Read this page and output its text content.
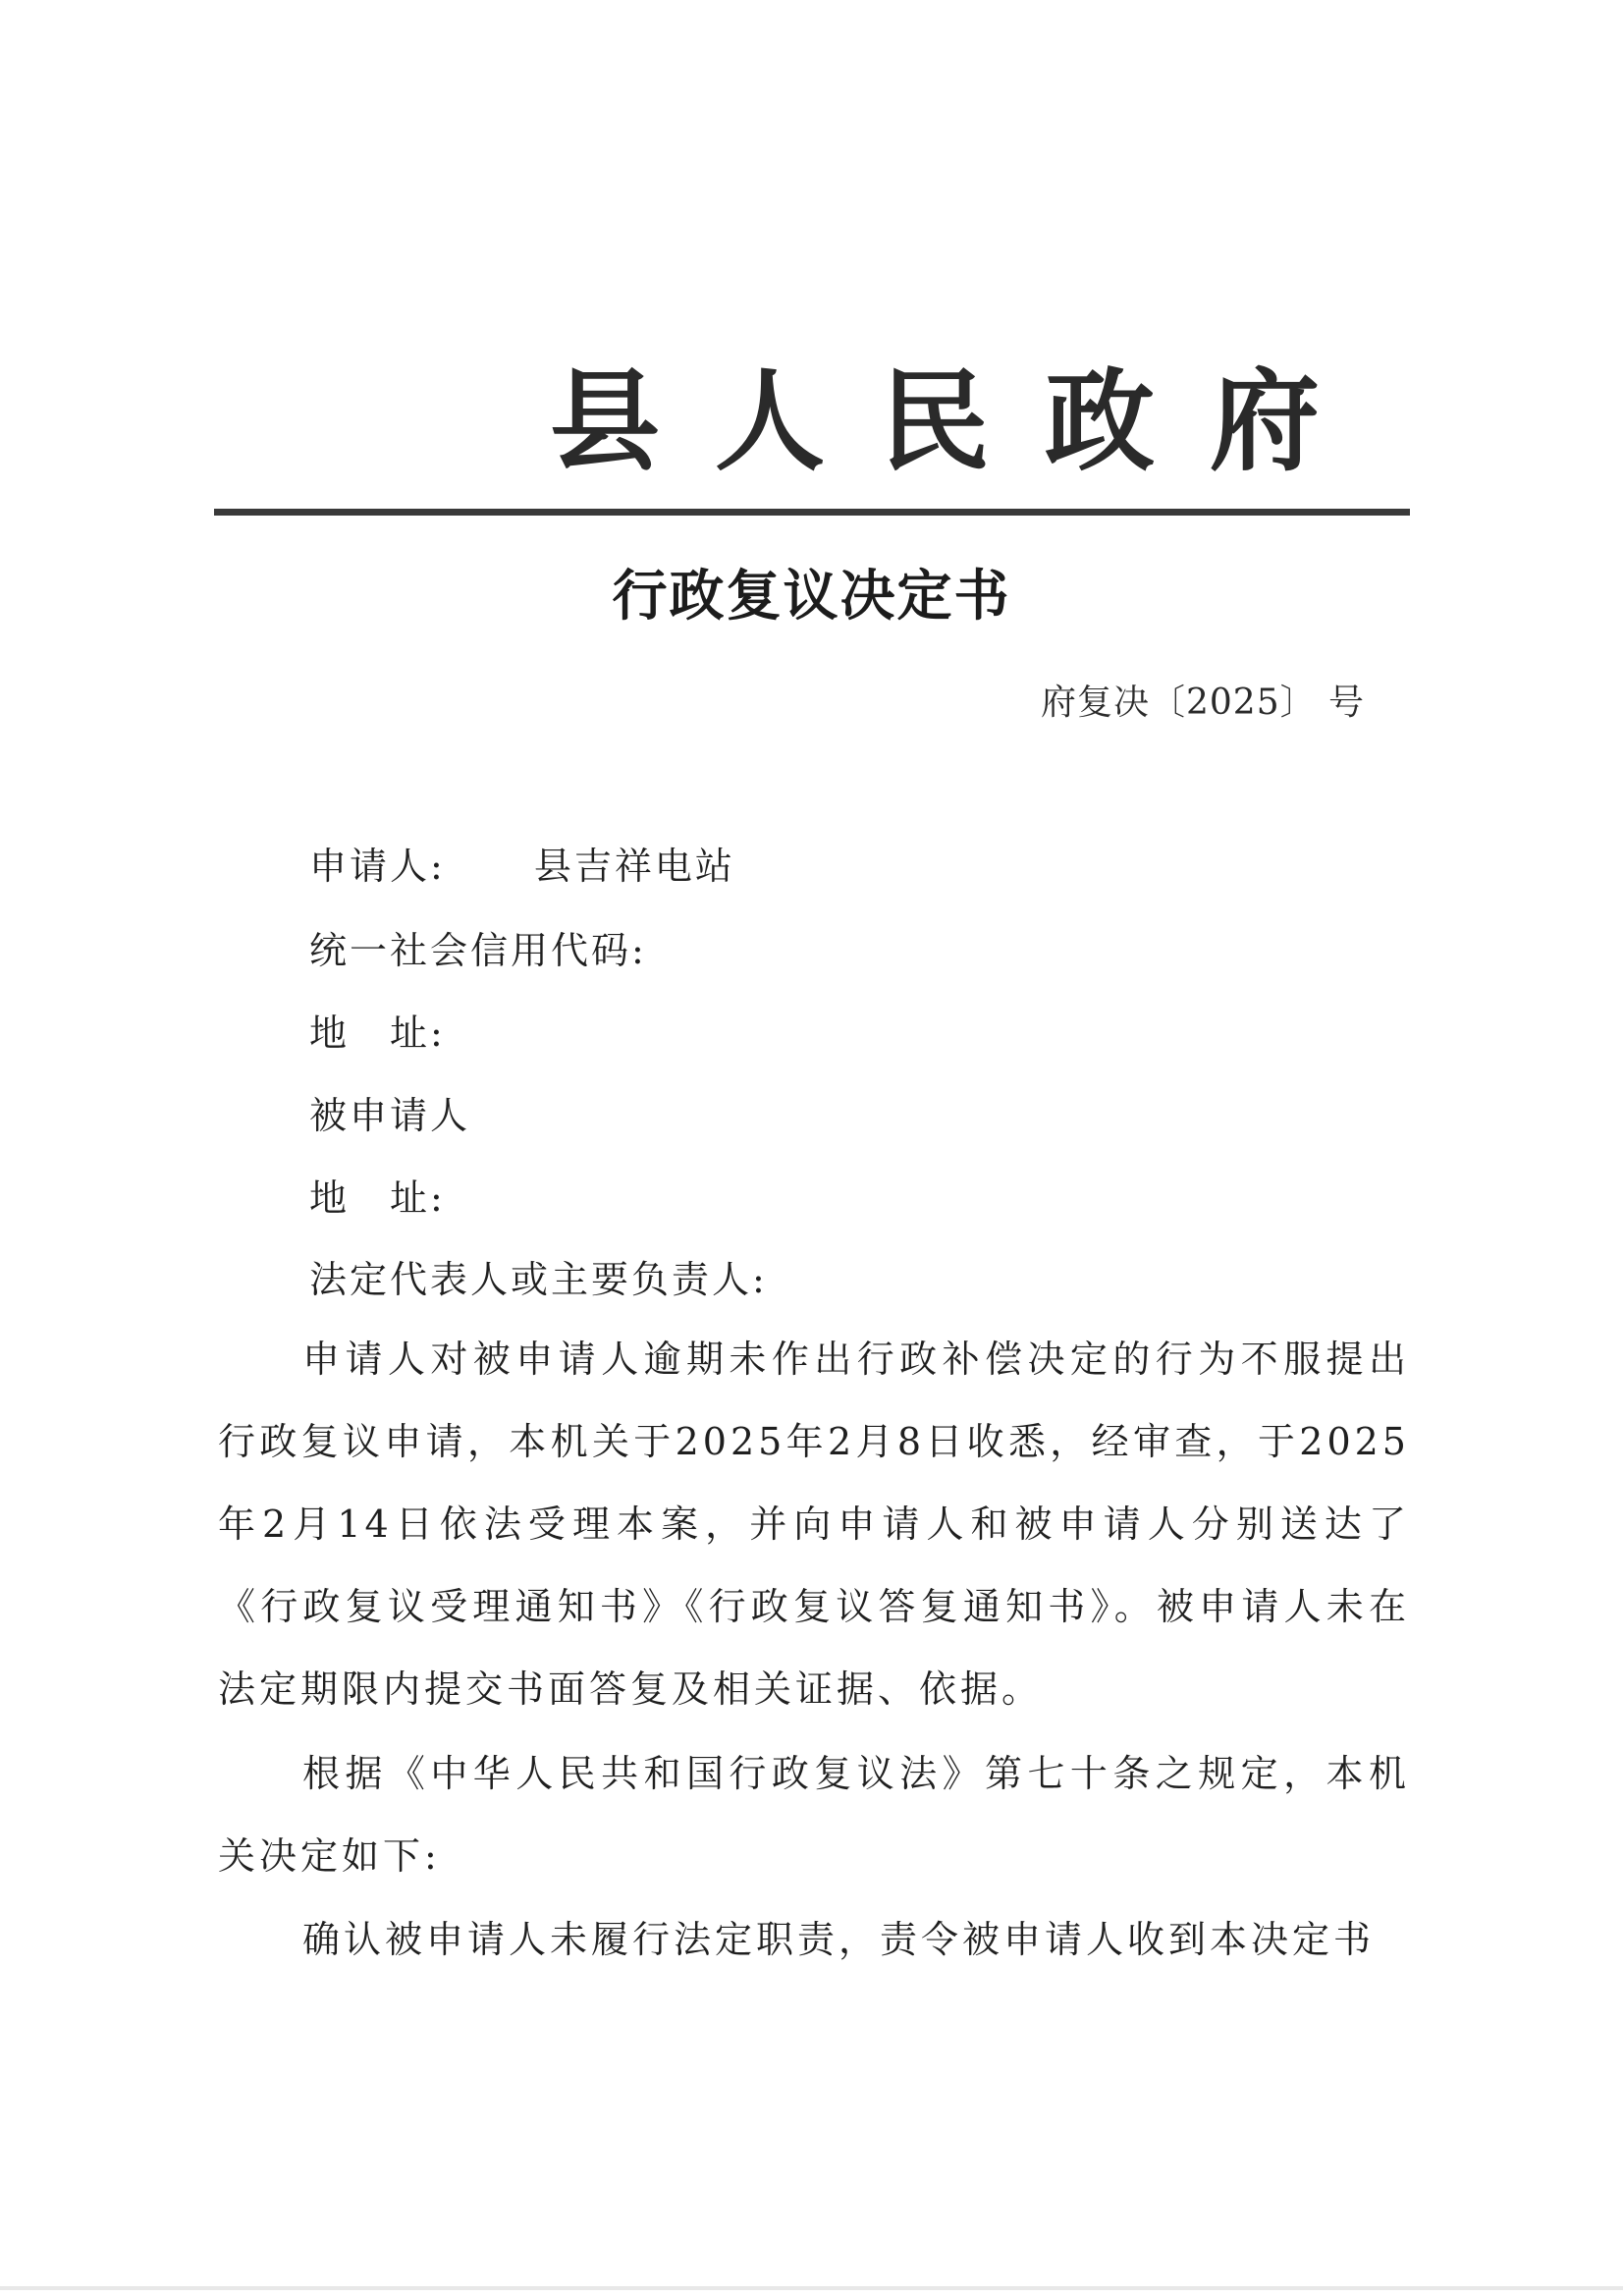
县人民政府
行政复议决定书
府复决〔2025〕 号
申请人: 县吉祥电站
统一社会信用代码:
地　址:
被申请人
地　址:
法定代表人或主要负责人:
申请人对被申请人逾期未作出行政补偿决定的行为不服提出行政复议申请，本机关于2025年2月8日收悉，经审查，于2025年2月14日依法受理本案，并向申请人和被申请人分别送达了《行政复议受理通知书》《行政复议答复通知书》。被申请人未在法定期限内提交书面答复及相关证据、依据。
根据《中华人民共和国行政复议法》第七十条之规定，本机关决定如下:
确认被申请人未履行法定职责，责令被申请人收到本决定书
